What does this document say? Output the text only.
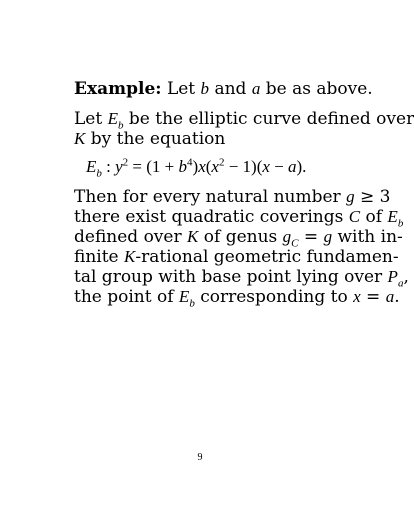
Example: Let b and a be as above.
Let $E_b$ be the elliptic curve defined over
K by the equation
$E_b$ : $y^2 = (1 + b^4)x(x^2 - 1)(x - a)$.
Then for every natural number g ≥ 3
there exist quadratic coverings C of $E_b$
defined over K of genus $g_C = g$ with in-
finite K-rational geometric fundamen-
tal group with base point lying over $P_a$,
the point of $E_b$ corresponding to x = a.
9
